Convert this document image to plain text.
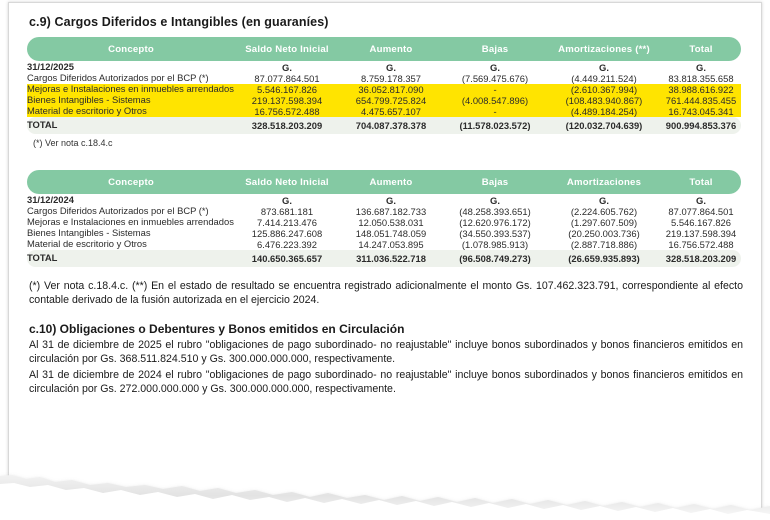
c.9) Cargos Diferidos e Intangibles (en guaraníes)
Concepto	Saldo Neto Inicial	Aumento	Bajas	Amortizaciones (**)	Total
31/12/2025	G.	G.	G.	G.	G.
Cargos Diferidos Autorizados por el BCP (*)	87.077.864.501	8.759.178.357	(7.569.475.676)	(4.449.211.524)	83.818.355.658
Mejoras e Instalaciones en inmuebles arrendados	5.546.167.826	36.052.817.090	-	(2.610.367.994)	38.988.616.922
Bienes Intangibles - Sistemas	219.137.598.394	654.799.725.824	(4.008.547.896)	(108.483.940.867)	761.444.835.455
Material de escritorio y Otros	16.756.572.488	4.475.657.107	-	(4.489.184.254)	16.743.045.341
TOTAL	328.518.203.209	704.087.378.378	(11.578.023.572)	(120.032.704.639)	900.994.853.376
(*) Ver nota c.18.4.c
Concepto	Saldo Neto Inicial	Aumento	Bajas	Amortizaciones	Total
31/12/2024	G.	G.	G.	G.	G.
Cargos Diferidos Autorizados por el BCP (*)	873.681.181	136.687.182.733	(48.258.393.651)	(2.224.605.762)	87.077.864.501
Mejoras e Instalaciones en inmuebles arrendados	7.414.213.476	12.050.538.031	(12.620.976.172)	(1.297.607.509)	5.546.167.826
Bienes Intangibles - Sistemas	125.886.247.608	148.051.748.059	(34.550.393.537)	(20.250.003.736)	219.137.598.394
Material de escritorio y Otros	6.476.223.392	14.247.053.895	(1.078.985.913)	(2.887.718.886)	16.756.572.488
TOTAL	140.650.365.657	311.036.522.718	(96.508.749.273)	(26.659.935.893)	328.518.203.209
(*) Ver nota c.18.4.c. (**) En el estado de resultado se encuentra registrado adicionalmente el monto Gs. 107.462.323.791, correspondiente al efecto contable derivado de la fusión autorizada en el ejercicio 2024.
c.10) Obligaciones o Debentures y Bonos emitidos en Circulación
Al 31 de diciembre de 2025 el rubro "obligaciones de pago subordinado- no reajustable" incluye bonos subordinados y bonos financieros emitidos en circulación por Gs. 368.511.824.510 y Gs. 300.000.000.000, respectivamente.
Al 31 de diciembre de 2024 el rubro "obligaciones de pago subordinado- no reajustable" incluye bonos subordinados y bonos financieros emitidos en circulación por Gs. 272.000.000.000 y Gs. 300.000.000.000, respectivamente.
